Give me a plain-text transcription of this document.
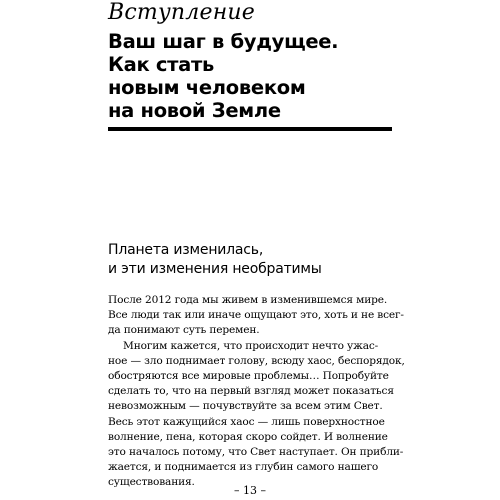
Вступление
Ваш шаг в будущее.
Как стать
новым человеком
на новой Земле
Планета изменилась,
и эти изменения необратимы
После 2012 года мы живем в изменившемся мире.
Все люди так или иначе ощущают это, хоть и не всег-
да понимают суть перемен.
Многим кажется, что происходит нечто ужас-
ное — зло поднимает голову, всюду хаос, беспорядок,
обостряются все мировые проблемы… Попробуйте
сделать то, что на первый взгляд может показаться
невозможным — почувствуйте за всем этим Свет.
Весь этот кажущийся хаос — лишь поверхностное
волнение, пена, которая скоро сойдет. И волнение
это началось потому, что Свет наступает. Он прибли-
жается, и поднимается из глубин самого нашего
существования.
– 13 –
